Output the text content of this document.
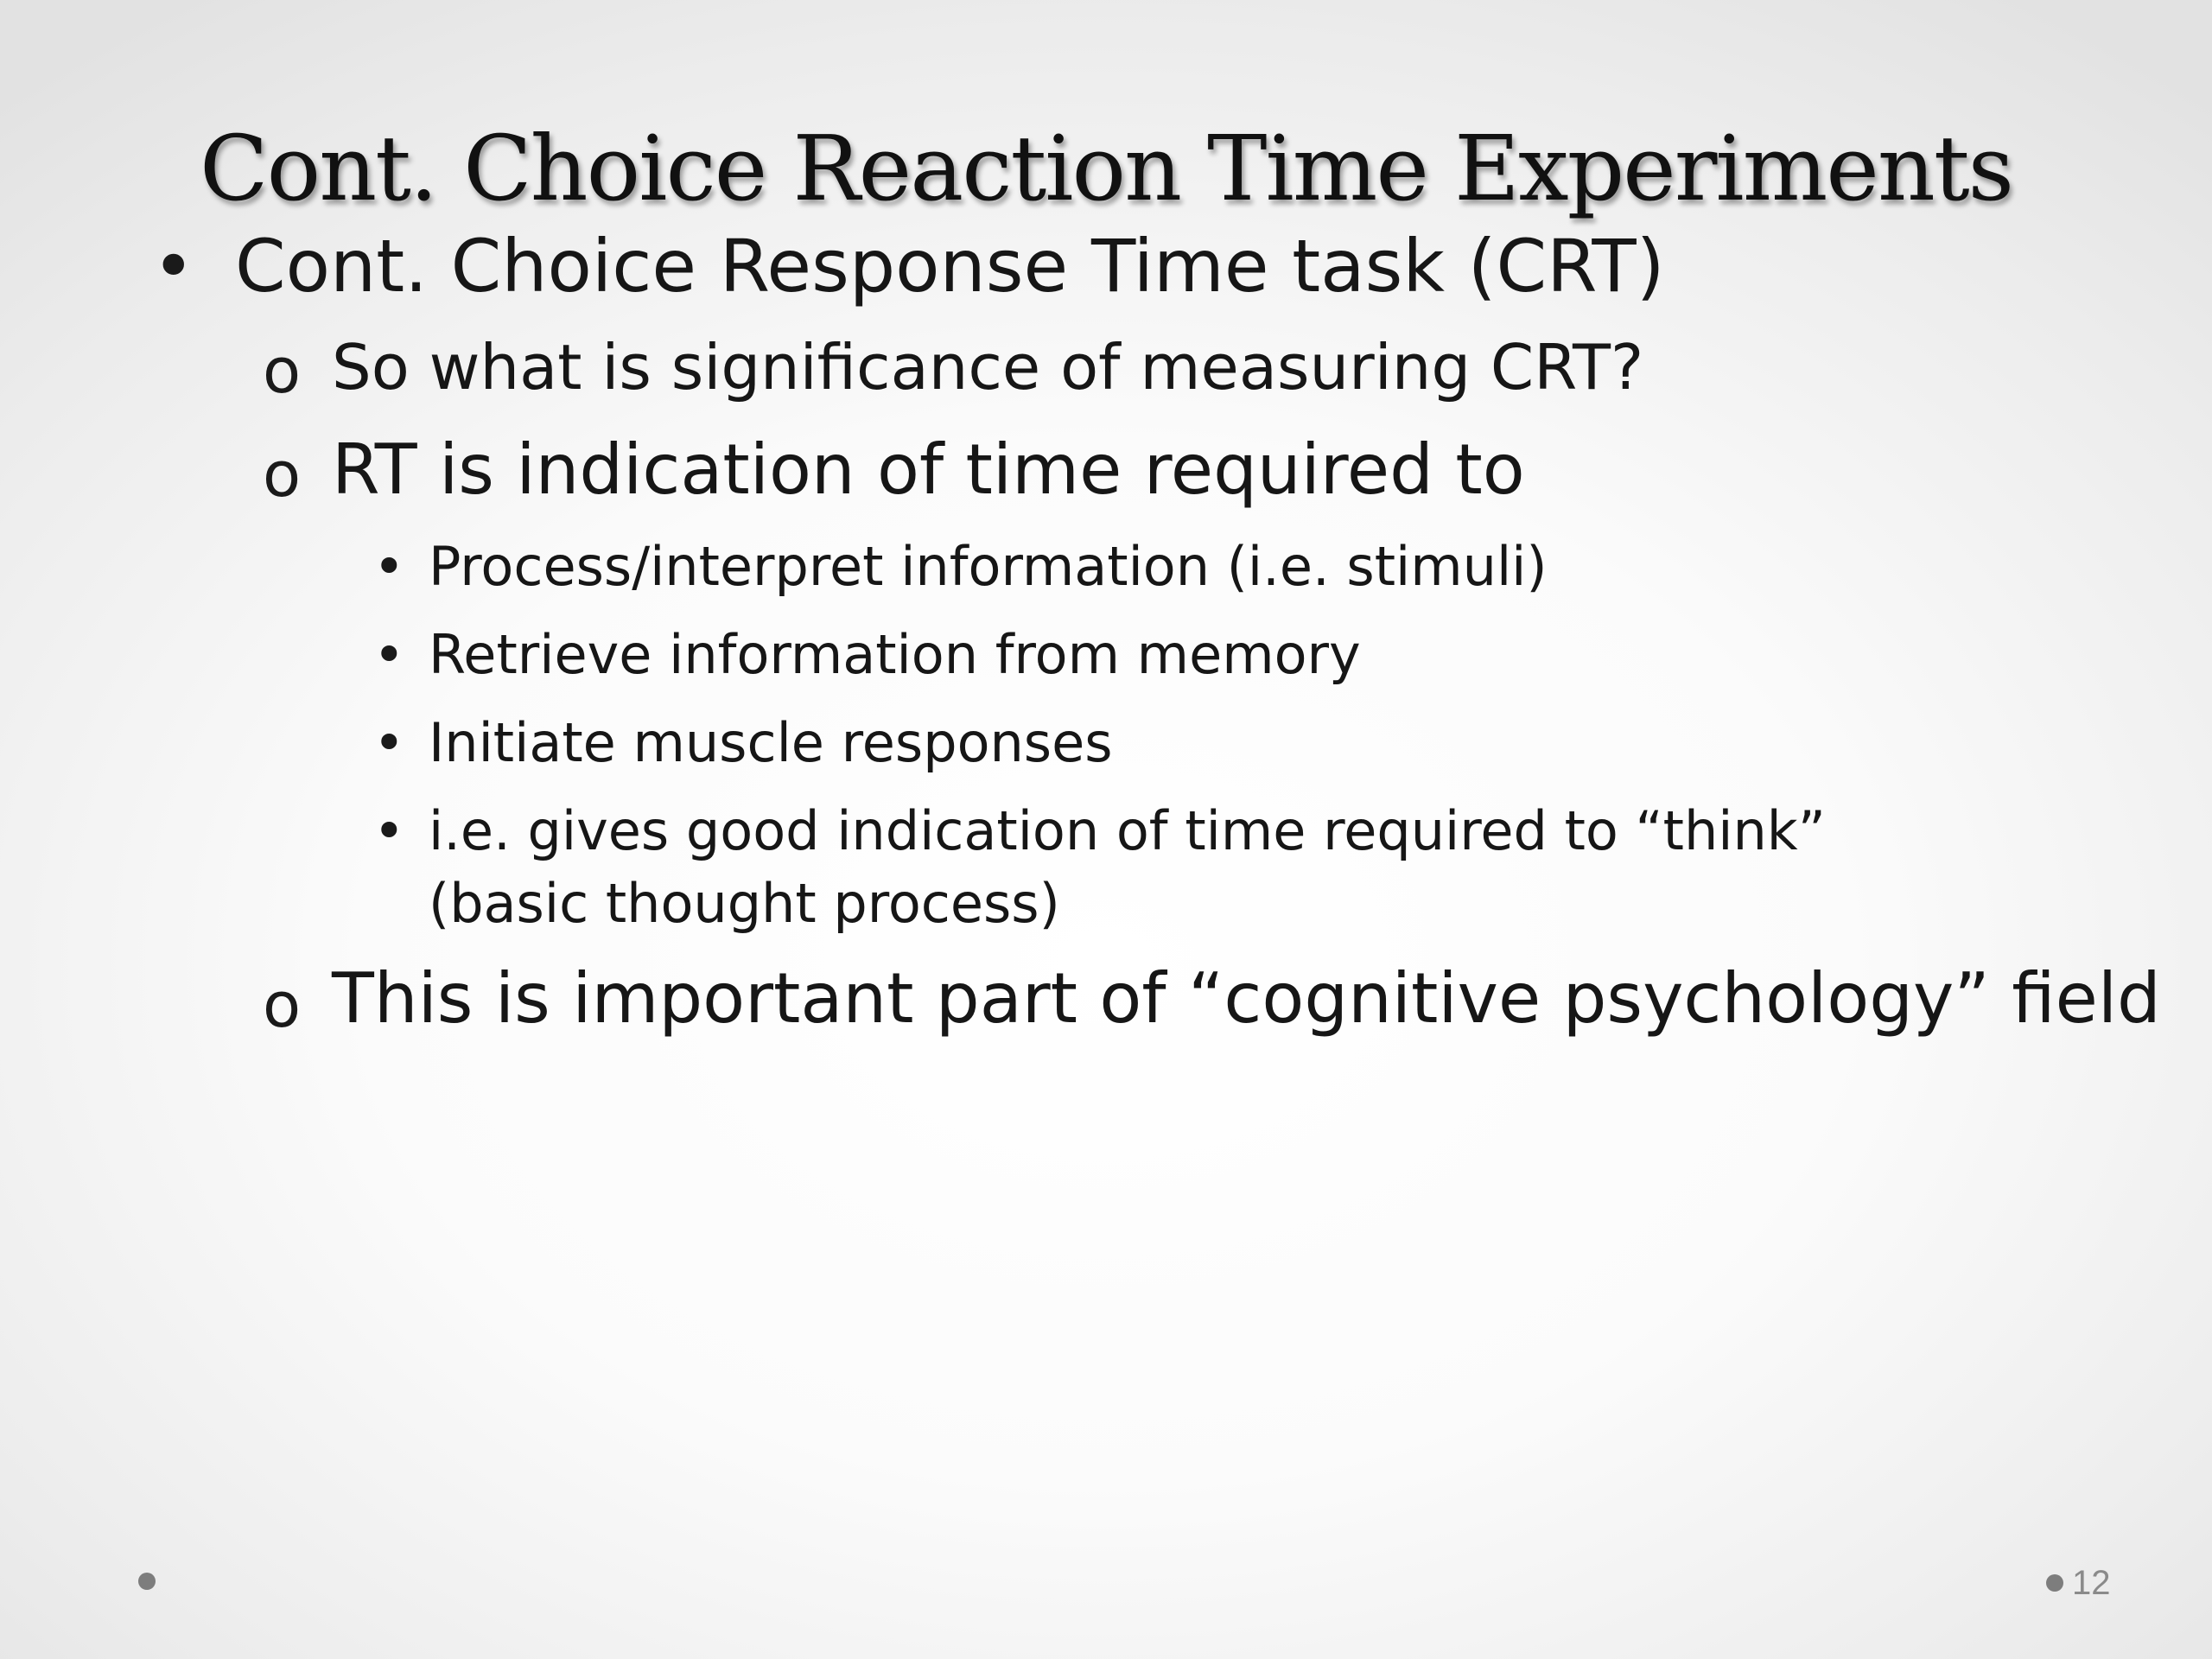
Cont. Choice Reaction Time Experiments
• Cont. Choice Response Time task (CRT)
o So what is significance of measuring CRT?
o RT is indication of time required to
• Process/interpret information (i.e. stimuli)
• Retrieve information from memory
• Initiate muscle responses
• i.e. gives good indication of time required to “think”
(basic thought process)
o This is important part of “cognitive psychology” field
12
